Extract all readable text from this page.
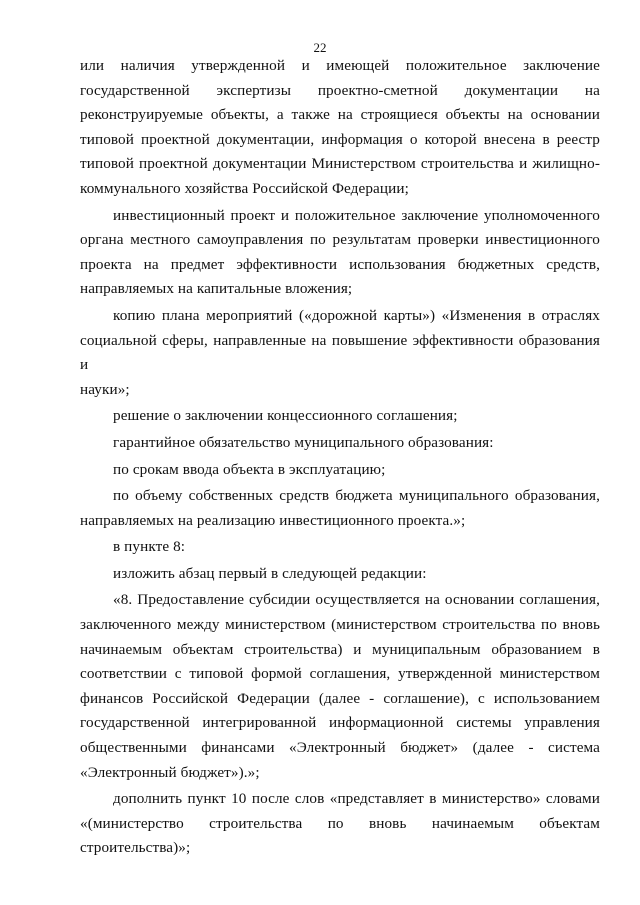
22
или наличия утвержденной и имеющей положительное заключение
государственной экспертизы проектно-сметной документации на
реконструируемые объекты, а также на строящиеся объекты на основании
типовой проектной документации, информация о которой внесена в реестр
типовой проектной документации Министерством строительства и жилищно-
коммунального хозяйства Российской Федерации;
инвестиционный проект и положительное заключение уполномоченного
органа местного самоуправления по результатам проверки инвестиционного
проекта на предмет эффективности использования бюджетных средств,
направляемых на капитальные вложения;
копию плана мероприятий («дорожной карты») «Изменения в отраслях
социальной сферы, направленные на повышение эффективности образования и
науки»;
решение о заключении концессионного соглашения;
гарантийное обязательство муниципального образования:
по срокам ввода объекта в эксплуатацию;
по объему собственных средств бюджета муниципального образования,
направляемых на реализацию инвестиционного проекта.»;
в пункте 8:
изложить абзац первый в следующей редакции:
«8. Предоставление субсидии осуществляется на основании соглашения,
заключенного между министерством (министерством строительства по вновь
начинаемым объектам строительства) и муниципальным образованием в
соответствии с типовой формой соглашения, утвержденной министерством
финансов Российской Федерации (далее - соглашение), с использованием
государственной интегрированной информационной системы управления
общественными финансами «Электронный бюджет» (далее - система
«Электронный бюджет»).»;
дополнить пункт 10 после слов «представляет в министерство» словами
«(министерство строительства по вновь начинаемым объектам строительства)»;
